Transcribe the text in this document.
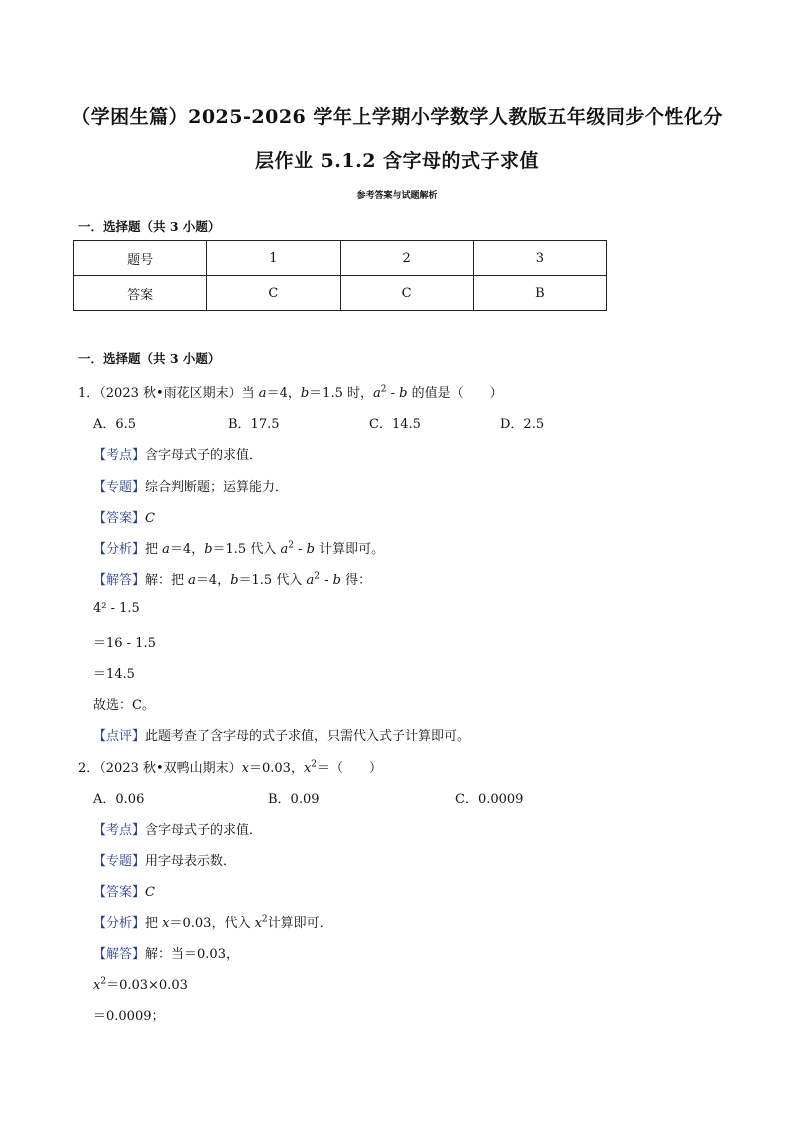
（学困生篇）2025-2026 学年上学期小学数学人教版五年级同步个性化分
层作业 5.1.2 含字母的式子求值
参考答案与试题解析
一．选择题（共 3 小题）
题号	1	2	3
答案	C	C	B
一．选择题（共 3 小题）
1．（2023 秋•雨花区期末）当 a＝4，b＝1.5 时，$a^2$ - b 的值是（　　）
A．6.5	B．17.5	C．14.5	D．2.5
【考点】含字母式子的求值．
【专题】综合判断题；运算能力．
【答案】C
【分析】把 a＝4，b＝1.5 代入 $a^2$ - b 计算即可。
【解答】解：把 a＝4，b＝1.5 代入 $a^2$ - b 得：
4² - 1.5
＝16 - 1.5
＝14.5
故选：C。
【点评】此题考查了含字母的式子求值，只需代入式子计算即可。
2．（2023 秋•双鸭山期末）x＝0.03，$x^2=$（　　）
A．0.06	B．0.09	C．0.0009
【考点】含字母式子的求值．
【专题】用字母表示数．
【答案】C
【分析】把 x＝0.03，代入 $x^2$计算即可．
【解答】解：当＝0.03，
$x^2=0.03\times 0.03$
＝0.0009；
